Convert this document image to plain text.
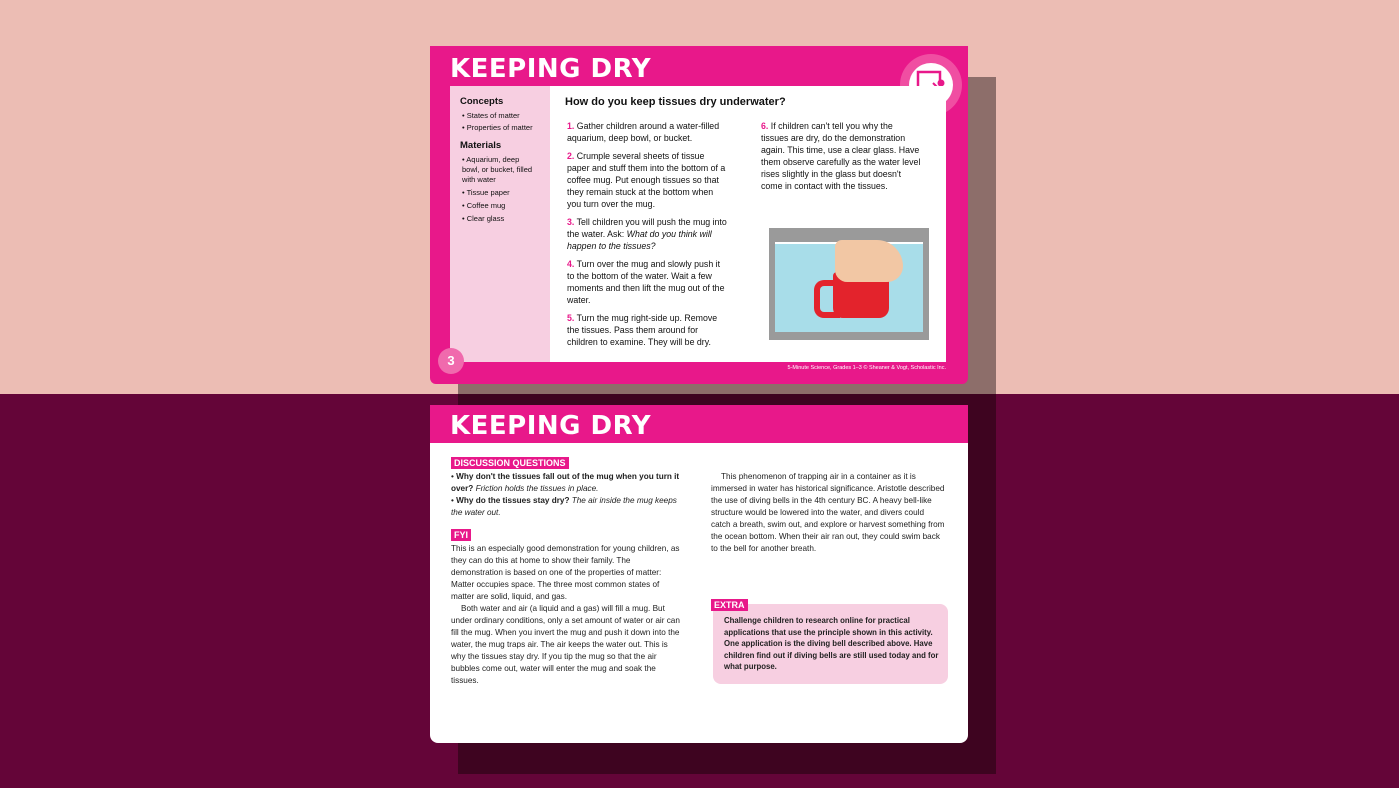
KEEPING DRY
Concepts
• States of matter
• Properties of matter
Materials
• Aquarium, deep bowl, or bucket, filled with water
• Tissue paper
• Coffee mug
• Clear glass
How do you keep tissues dry underwater?
1. Gather children around a water-filled aquarium, deep bowl, or bucket.
2. Crumple several sheets of tissue paper and stuff them into the bottom of a coffee mug. Put enough tissues so that they remain stuck at the bottom when you turn over the mug.
3. Tell children you will push the mug into the water. Ask: What do you think will happen to the tissues?
4. Turn over the mug and slowly push it to the bottom of the water. Wait a few moments and then lift the mug out of the water.
5. Turn the mug right-side up. Remove the tissues. Pass them around for children to examine. They will be dry.
6. If children can't tell you why the tissues are dry, do the demonstration again. This time, use a clear glass. Have them observe carefully as the water level rises slightly in the glass but doesn't come in contact with the tissues.
3	5-Minute Science, Grades 1–3 © Sheaner & Vogt, Scholastic Inc.
KEEPING DRY
DISCUSSION QUESTIONS
• Why don't the tissues fall out of the mug when you turn it over? Friction holds the tissues in place.
• Why do the tissues stay dry? The air inside the mug keeps the water out.
FYI
This is an especially good demonstration for young children, as they can do this at home to show their family. The demonstration is based on one of the properties of matter: Matter occupies space. The three most common states of matter are solid, liquid, and gas.
Both water and air (a liquid and a gas) will fill a mug. But under ordinary conditions, only a set amount of water or air can fill the mug. When you invert the mug and push it down into the water, the mug traps air. The air keeps the water out. This is why the tissues stay dry. If you tip the mug so that the air bubbles come out, water will enter the mug and soak the tissues.
This phenomenon of trapping air in a container as it is immersed in water has historical significance. Aristotle described the use of diving bells in the 4th century BC. A heavy bell-like structure would be lowered into the water, and divers could catch a breath, swim out, and explore or harvest something from the ocean bottom. When their air ran out, they could swim back to the bell for another breath.
EXTRA
Challenge children to research online for practical applications that use the principle shown in this activity. One application is the diving bell described above. Have children find out if diving bells are still used today and for what purpose.
